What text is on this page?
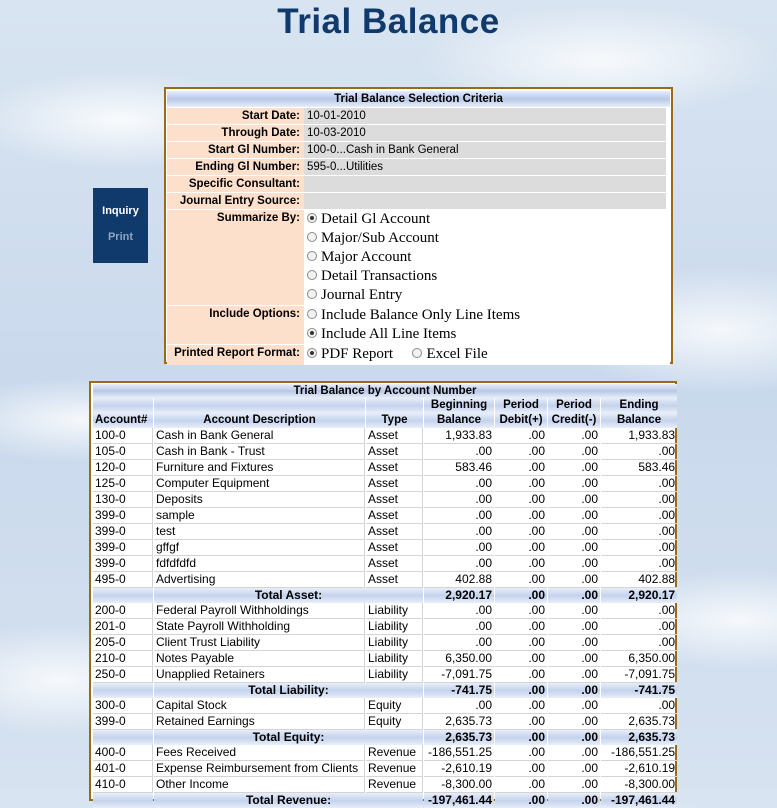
Trial Balance
Inquiry
Print
Trial Balance Selection Criteria	
Start Date:	10-01-2010
Through Date:	10-03-2010
Start Gl Number:	100-0...Cash in Bank General
Ending Gl Number:	595-0...Utilities
Specific Consultant:	
Journal Entry Source:	
Summarize By:	Detail Gl Account
Major/Sub Account
Major Account
Detail Transactions
Journal Entry

Include Options:	Include Balance Only Line Items
Include All Line Items

Printed Report Format:	PDF Report Excel File
Trial Balance by Account Number						
			Beginning	Period	Period	Ending
Account#	Account Description	Type	Balance	Debit(+)	Credit(-)	Balance
100-0	Cash in Bank General	Asset	1,933.83	.00	.00	1,933.83
105-0	Cash in Bank - Trust	Asset	.00	.00	.00	.00
120-0	Furniture and Fixtures	Asset	583.46	.00	.00	583.46
125-0	Computer Equipment	Asset	.00	.00	.00	.00
130-0	Deposits	Asset	.00	.00	.00	.00
399-0	sample	Asset	.00	.00	.00	.00
399-0	test	Asset	.00	.00	.00	.00
399-0	gffgf	Asset	.00	.00	.00	.00
399-0	fdfdfdfd	Asset	.00	.00	.00	.00
495-0	Advertising	Asset	402.88	.00	.00	402.88
	Total Asset:		2,920.17	.00	.00	2,920.17
200-0	Federal Payroll Withholdings	Liability	.00	.00	.00	.00
201-0	State Payroll Withholding	Liability	.00	.00	.00	.00
205-0	Client Trust Liability	Liability	.00	.00	.00	.00
210-0	Notes Payable	Liability	6,350.00	.00	.00	6,350.00
250-0	Unapplied Retainers	Liability	-7,091.75	.00	.00	-7,091.75
	Total Liability:		-741.75	.00	.00	-741.75
300-0	Capital Stock	Equity	.00	.00	.00	.00
399-0	Retained Earnings	Equity	2,635.73	.00	.00	2,635.73
	Total Equity:		2,635.73	.00	.00	2,635.73
400-0	Fees Received	Revenue	-186,551.25	.00	.00	-186,551.25
401-0	Expense Reimbursement from Clients	Revenue	-2,610.19	.00	.00	-2,610.19
410-0	Other Income	Revenue	-8,300.00	.00	.00	-8,300.00
	Total Revenue:		-197,461.44	.00	.00	-197,461.44
